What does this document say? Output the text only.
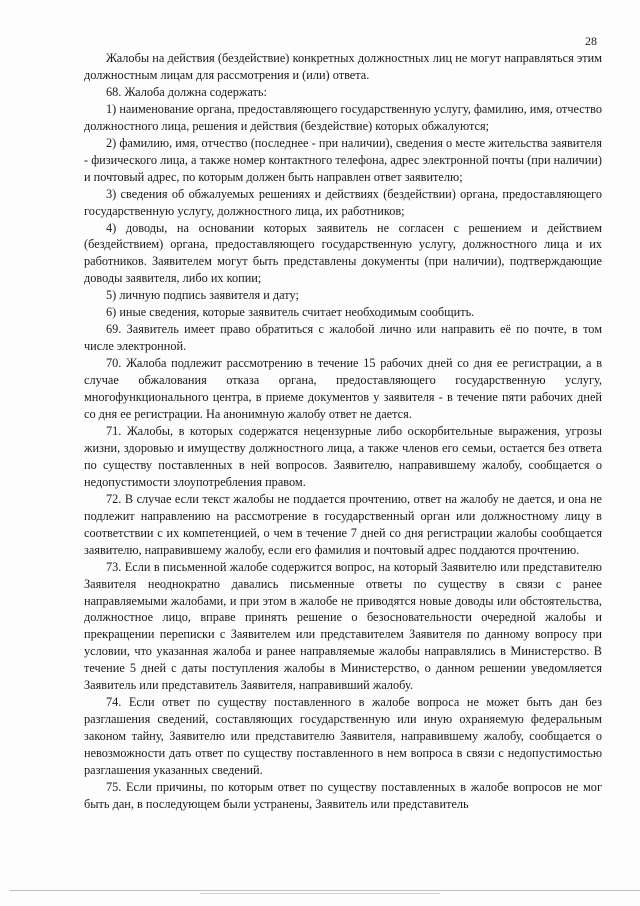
28

Жалобы на действия (бездействие) конкретных должностных лиц не могут направляться этим должностным лицам для рассмотрения и (или) ответа.

68. Жалоба должна содержать:

1) наименование органа, предоставляющего государственную услугу, фамилию, имя, отчество должностного лица, решения и действия (бездействие) которых обжалуются;

2) фамилию, имя, отчество (последнее - при наличии), сведения о месте жительства заявителя - физического лица, а также номер контактного телефона, адрес электронной почты (при наличии) и почтовый адрес, по которым должен быть направлен ответ заявителю;

3) сведения об обжалуемых решениях и действиях (бездействии) органа, предоставляющего государственную услугу, должностного лица, их работников;

4) доводы, на основании которых заявитель не согласен с решением и действием (бездействием) органа, предоставляющего государственную услугу, должностного лица и их работников. Заявителем могут быть представлены документы (при наличии), подтверждающие доводы заявителя, либо их копии;

5) личную подпись заявителя и дату;

6) иные сведения, которые заявитель считает необходимым сообщить.

69. Заявитель имеет право обратиться с жалобой лично или направить её по почте, в том числе электронной.

70. Жалоба подлежит рассмотрению в течение 15 рабочих дней со дня ее регистрации, а в случае обжалования отказа органа, предоставляющего государственную услугу, многофункционального центра, в приеме документов у заявителя - в течение пяти рабочих дней со дня ее регистрации. На анонимную жалобу ответ не дается.

71. Жалобы, в которых содержатся нецензурные либо оскорбительные выражения, угрозы жизни, здоровью и имуществу должностного лица, а также членов его семьи, остается без ответа по существу поставленных в ней вопросов. Заявителю, направившему жалобу, сообщается о недопустимости злоупотребления правом.

72. В случае если текст жалобы не поддается прочтению, ответ на жалобу не дается, и она не подлежит направлению на рассмотрение в государственный орган или должностному лицу в соответствии с их компетенцией, о чем в течение 7 дней со дня регистрации жалобы сообщается заявителю, направившему жалобу, если его фамилия и почтовый адрес поддаются прочтению.

73. Если в письменной жалобе содержится вопрос, на который Заявителю или представителю Заявителя неоднократно давались письменные ответы по существу в связи с ранее направляемыми жалобами, и при этом в жалобе не приводятся новые доводы или обстоятельства, должностное лицо, вправе принять решение о безосновательности очередной жалобы и прекращении переписки с Заявителем или представителем Заявителя по данному вопросу при условии, что указанная жалоба и ранее направляемые жалобы направлялись в Министерство. В течение 5 дней с даты поступления жалобы в Министерство, о данном решении уведомляется Заявитель или представитель Заявителя, направивший жалобу.

74. Если ответ по существу поставленного в жалобе вопроса не может быть дан без разглашения сведений, составляющих государственную или иную охраняемую федеральным законом тайну, Заявителю или представителю Заявителя, направившему жалобу, сообщается о невозможности дать ответ по существу поставленного в нем вопроса в связи с недопустимостью разглашения указанных сведений.

75. Если причины, по которым ответ по существу поставленных в жалобе вопросов не мог быть дан, в последующем были устранены, Заявитель или представитель
